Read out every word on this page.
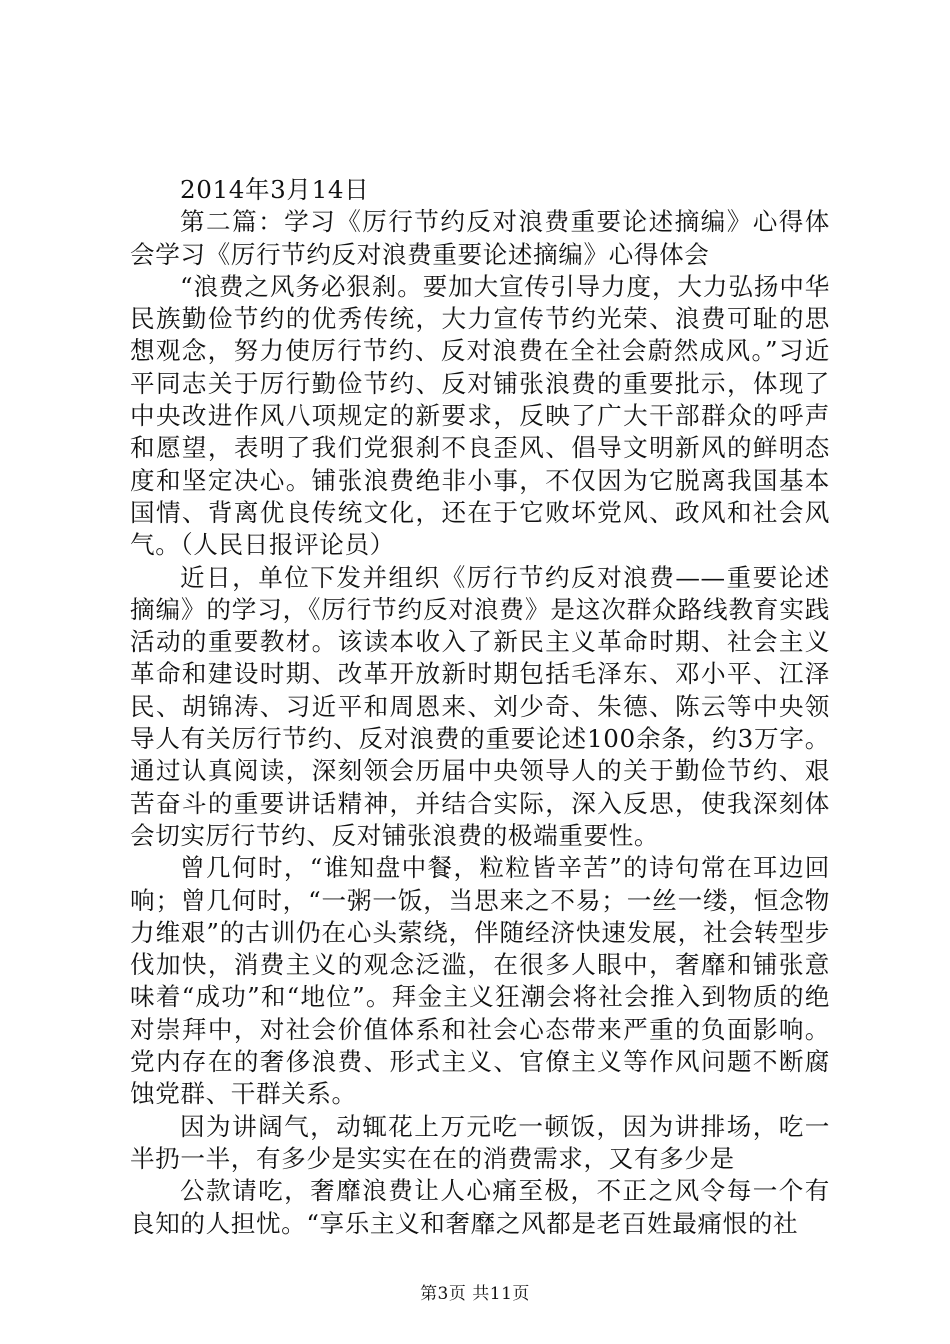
2014年3月14日

第二篇：学习《厉行节约反对浪费重要论述摘编》心得体会学习《厉行节约反对浪费重要论述摘编》心得体会

“浪费之风务必狠刹。要加大宣传引导力度，大力弘扬中华民族勤俭节约的优秀传统，大力宣传节约光荣、浪费可耻的思想观念，努力使厉行节约、反对浪费在全社会蔚然成风。”习近平同志关于厉行勤俭节约、反对铺张浪费的重要批示，体现了中央改进作风八项规定的新要求，反映了广大干部群众的呼声和愿望，表明了我们党狠刹不良歪风、倡导文明新风的鲜明态度和坚定决心。铺张浪费绝非小事，不仅因为它脱离我国基本国情、背离优良传统文化，还在于它败坏党风、政风和社会风气。（人民日报评论员）

近日，单位下发并组织《厉行节约反对浪费——重要论述摘编》的学习，《厉行节约反对浪费》是这次群众路线教育实践活动的重要教材。该读本收入了新民主义革命时期、社会主义革命和建设时期、改革开放新时期包括毛泽东、邓小平、江泽民、胡锦涛、习近平和周恩来、刘少奇、朱德、陈云等中央领导人有关厉行节约、反对浪费的重要论述100余条，约3万字。通过认真阅读，深刻领会历届中央领导人的关于勤俭节约、艰苦奋斗的重要讲话精神，并结合实际，深入反思，使我深刻体会切实厉行节约、反对铺张浪费的极端重要性。

曾几何时，“谁知盘中餐，粒粒皆辛苦”的诗句常在耳边回响；曾几何时，“一粥一饭，当思来之不易；一丝一缕，恒念物力维艰”的古训仍在心头萦绕，伴随经济快速发展，社会转型步伐加快，消费主义的观念泛滥，在很多人眼中，奢靡和铺张意味着“成功”和“地位”。拜金主义狂潮会将社会推入到物质的绝对崇拜中，对社会价值体系和社会心态带来严重的负面影响。党内存在的奢侈浪费、形式主义、官僚主义等作风问题不断腐蚀党群、干群关系。

因为讲阔气，动辄花上万元吃一顿饭，因为讲排场，吃一半扔一半，有多少是实实在在的消费需求，又有多少是

公款请吃，奢靡浪费让人心痛至极，不正之风令每一个有良知的人担忧。“享乐主义和奢靡之风都是老百姓最痛恨的社

第3页 共11页
